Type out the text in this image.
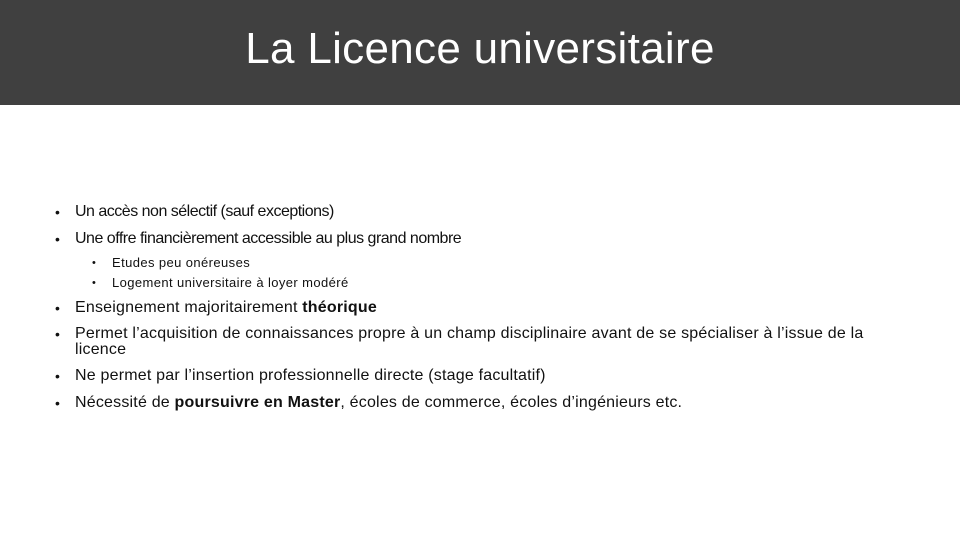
La Licence universitaire
• Un accès non sélectif (sauf exceptions)
• Une offre financièrement accessible au plus grand nombre
• Etudes peu onéreuses
• Logement universitaire à loyer modéré
• Enseignement majoritairement théorique
• Permet l’acquisition de connaissances propre à un champ disciplinaire avant de se spécialiser à l’issue de la licence
• Ne permet par l’insertion professionnelle directe (stage facultatif)
• Nécessité de poursuivre en Master, écoles de commerce, écoles d’ingénieurs etc.
